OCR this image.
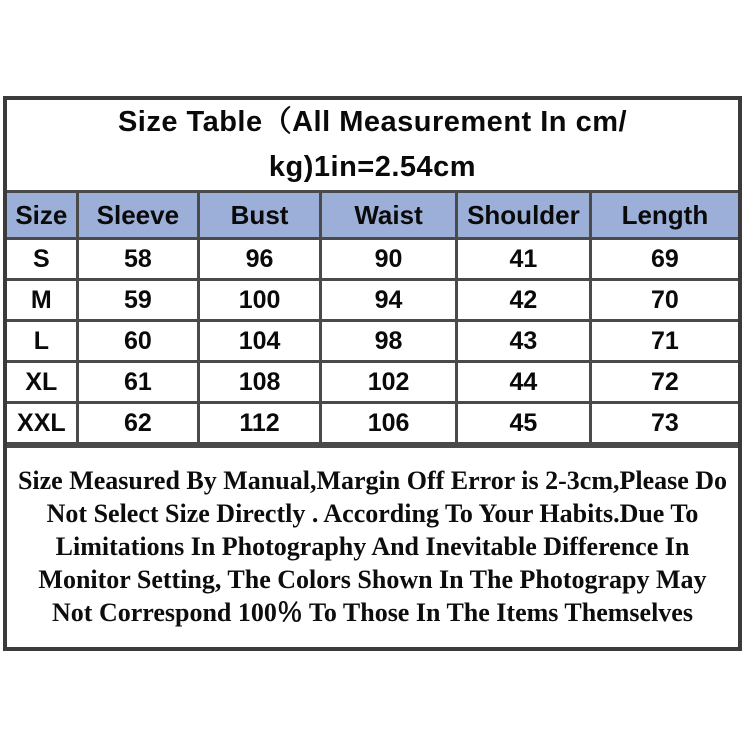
Size Table（All Measurement In cm/
kg)1in=2.54cm
Size	Sleeve	Bust	Waist	Shoulder	Length
S	58	96	90	41	69
M	59	100	94	42	70
L	60	104	98	43	71
XL	61	108	102	44	72
XXL	62	112	106	45	73
Size Measured By Manual,Margin Off Error is 2-3cm,Please Do Not Select Size Directly . According To Your Habits.Due To Limitations In Photography And Inevitable Difference In Monitor Setting, The Colors Shown In The Photograpy May Not Correspond 100％ To Those In The Items Themselves
